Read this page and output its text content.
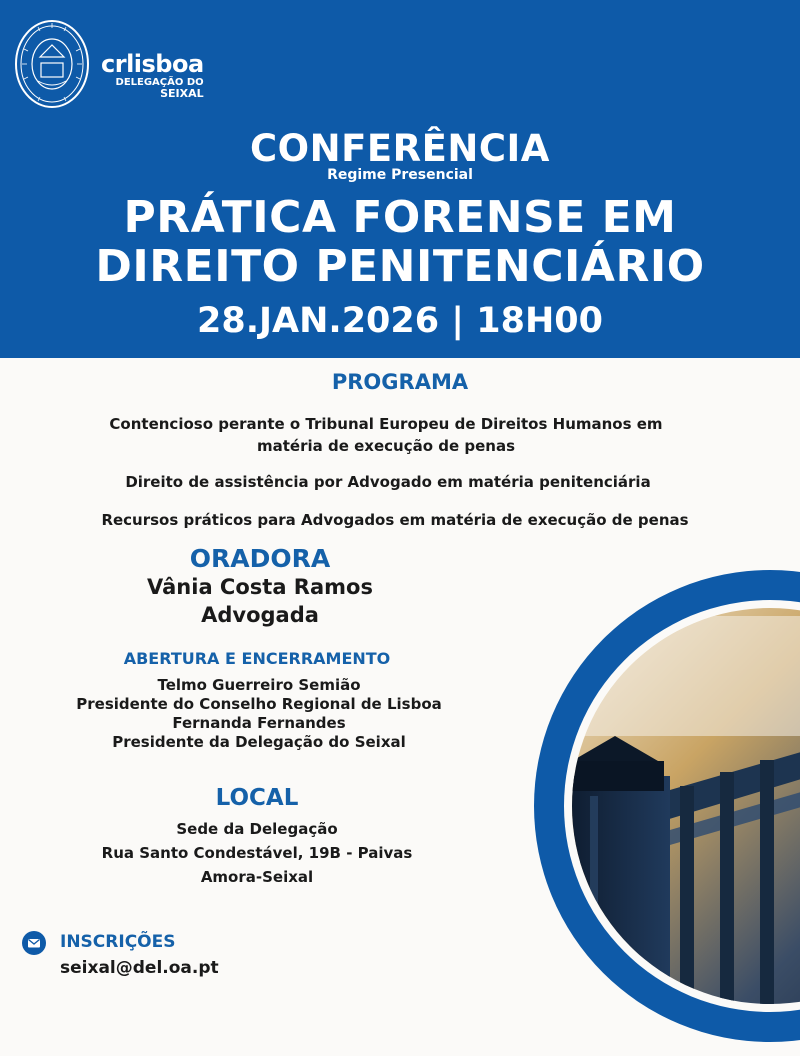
crlisboa
DELEGAÇÃO DO
SEIXAL
CONFERÊNCIA
Regime Presencial
PRÁTICA FORENSE EM
DIREITO PENITENCIÁRIO
28.JAN.2026 | 18H00
PROGRAMA
Contencioso perante o Tribunal Europeu de Direitos Humanos em
matéria de execução de penas
Direito de assistência por Advogado em matéria penitenciária
Recursos práticos para Advogados em matéria de execução de penas
ORADORA
Vânia Costa Ramos
Advogada
ABERTURA E ENCERRAMENTO
Telmo Guerreiro Semião
Presidente do Conselho Regional de Lisboa
Fernanda Fernandes
Presidente da Delegação do Seixal
LOCAL
Sede da Delegação
Rua Santo Condestável, 19B - Paivas
Amora-Seixal
INSCRIÇÕES
seixal@del.oa.pt
